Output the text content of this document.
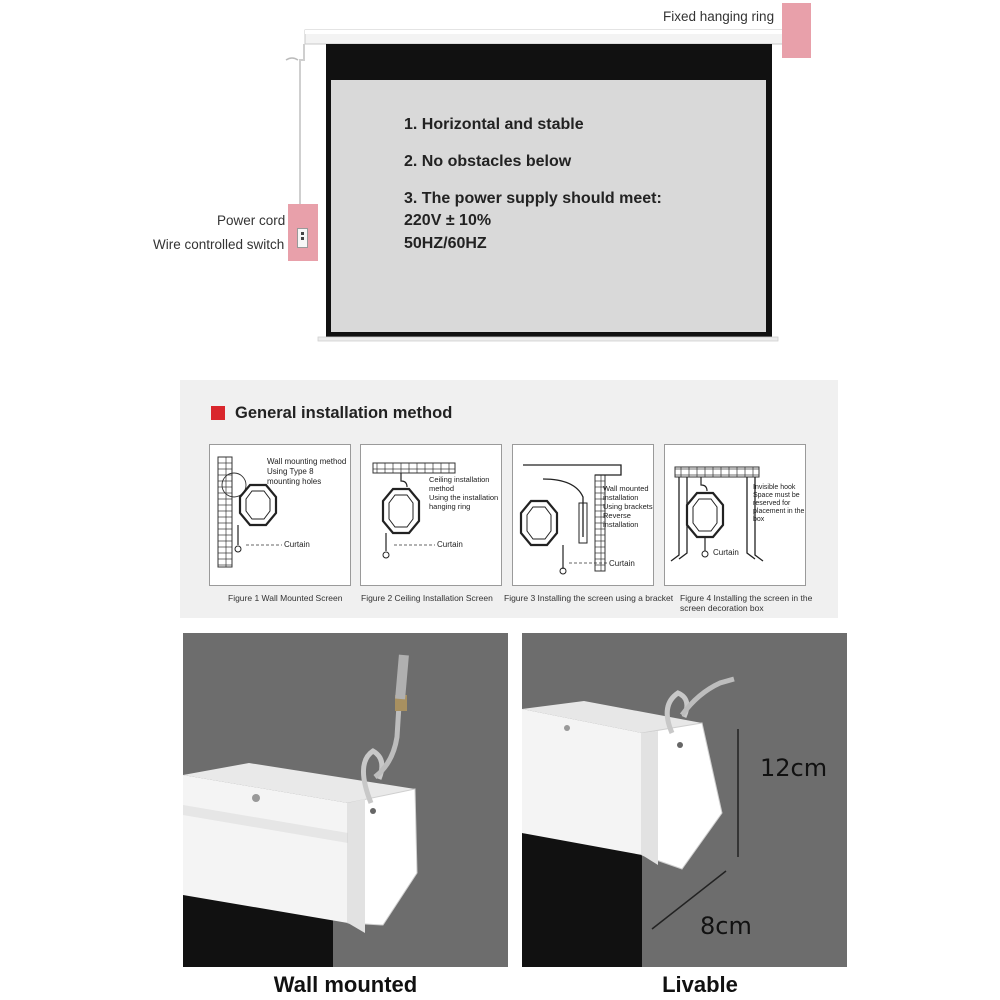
Fixed hanging ring
Power cord
Wire controlled switch
1. Horizontal and stable
2. No obstacles below
3. The power supply should meet:
220V ± 10%
50HZ/60HZ
General installation method
Wall mounting method
Using Type 8
mounting holes
Curtain
Figure 1 Wall Mounted Screen
Ceiling installation
method
Using the installation
hanging ring
Curtain
Figure 2 Ceiling Installation Screen
Wall mounted
installation
Using brackets
Reverse
installation
Curtain
Figure 3 Installing the screen using a bracket
Invisible hook
Space must be
reserved for
placement in the
box
Curtain
Figure 4 Installing the screen in the
screen decoration box
Wall mounted
12cm
8cm
Livable
